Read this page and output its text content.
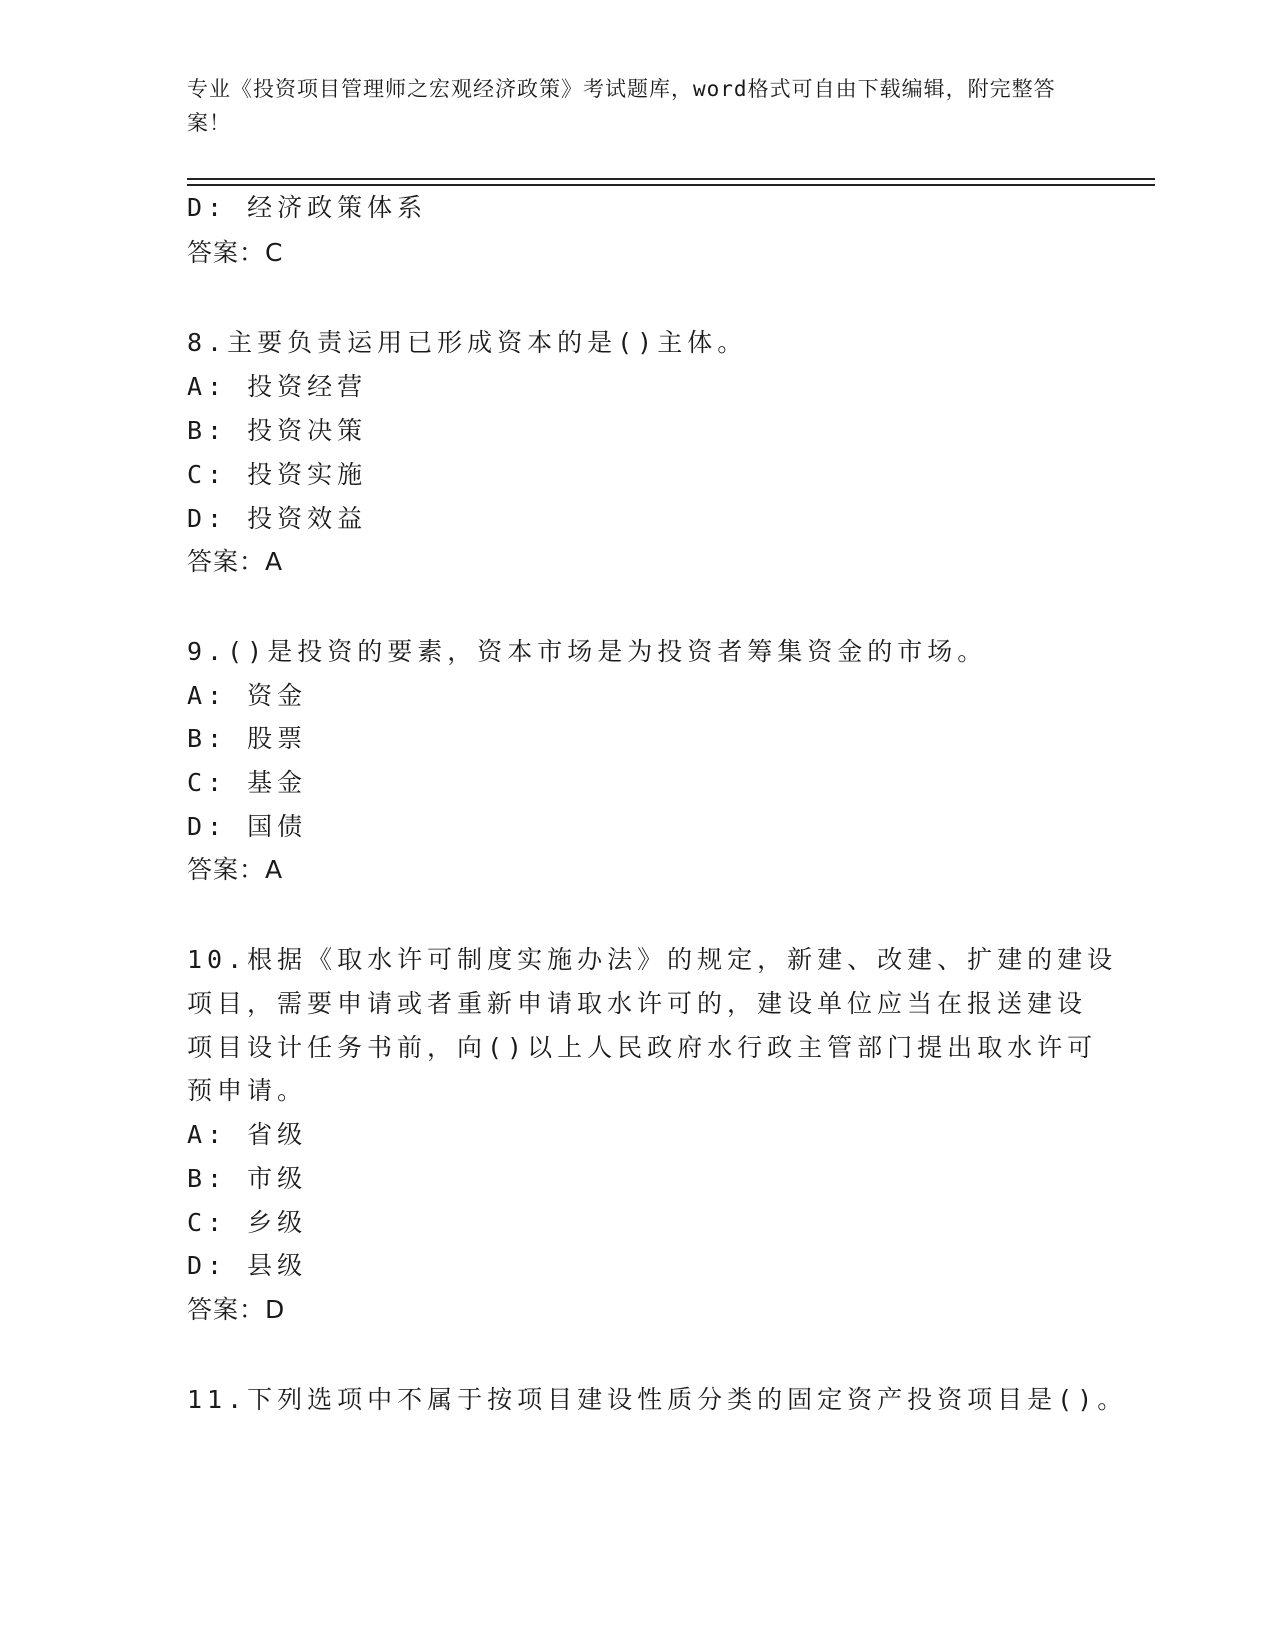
专业《投资项目管理师之宏观经济政策》考试题库，word格式可自由下载编辑，附完整答案！
D: 经济政策体系
答案：C
8.主要负责运用已形成资本的是()主体。
A: 投资经营
B: 投资决策
C: 投资实施
D: 投资效益
答案：A
9.()是投资的要素，资本市场是为投资者筹集资金的市场。
A: 资金
B: 股票
C: 基金
D: 国债
答案：A
10.根据《取水许可制度实施办法》的规定，新建、改建、扩建的建设
项目，需要申请或者重新申请取水许可的，建设单位应当在报送建设
项目设计任务书前，向()以上人民政府水行政主管部门提出取水许可
预申请。
A: 省级
B: 市级
C: 乡级
D: 县级
答案：D
11.下列选项中不属于按项目建设性质分类的固定资产投资项目是()。
